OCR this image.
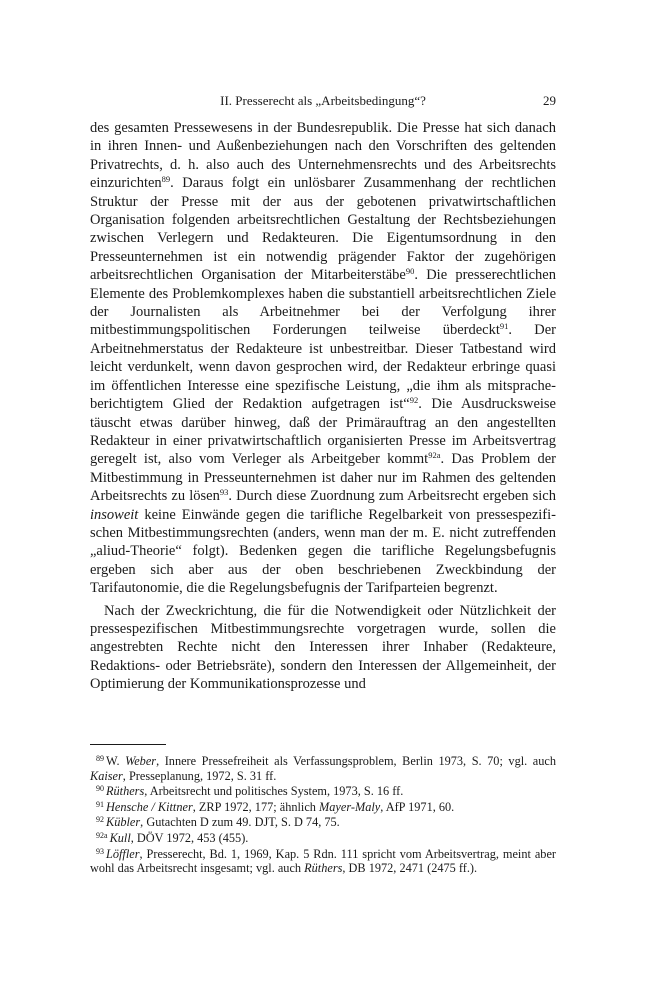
II. Presserecht als „Arbeitsbedingung“?	29

des gesamten Pressewesens in der Bundesrepublik. Die Presse hat sich danach in ihren Innen- und Außenbeziehungen nach den Vorschriften des geltenden Privatrechts, d. h. also auch des Unternehmensrechts und des Arbeitsrechts einzurichten$^{89}$. Daraus folgt ein unlösbarer Zusammenhang der rechtlichen Struktur der Presse mit der aus der gebotenen privatwirtschaftlichen Organisation folgenden arbeitsrechtlichen Gestaltung der Rechtsbeziehungen zwischen Verlegern und Redakteuren. Die Eigentumsordnung in den Presseunternehmen ist ein notwendig prägender Faktor der zugehörigen arbeitsrechtlichen Organisation der Mitarbeiterstäbe$^{90}$. Die presserechtlichen Elemente des Problemkomplexes haben die substantiell arbeitsrechtlichen Ziele der Journalisten als Arbeitnehmer bei der Verfolgung ihrer mitbestimmungspolitischen Forderungen teilweise überdeckt$^{91}$. Der Arbeitnehmerstatus der Redakteure ist unbestreitbar. Dieser Tatbestand wird leicht verdunkelt, wenn davon gesprochen wird, der Redakteur erbringe quasi im öffentlichen Interesse eine spezifische Leistung, „die ihm als mitspracheberichtigtem Glied der Redaktion aufgetragen ist“$^{92}$. Die Ausdrucksweise täuscht etwas darüber hinweg, daß der Primärauftrag an den angestellten Redakteur in einer privatwirtschaftlich organisierten Presse im Arbeitsvertrag geregelt ist, also vom Verleger als Arbeitgeber kommt$^{92a}$. Das Problem der Mitbestimmung in Presseunternehmen ist daher nur im Rahmen des geltenden Arbeitsrechts zu lösen$^{93}$. Durch diese Zuordnung zum Arbeitsrecht ergeben sich insoweit keine Einwände gegen die tarifliche Regelbarkeit von pressespezifischen Mitbestimmungsrechten (anders, wenn man der m. E. nicht zutreffenden „aliud-Theorie“ folgt). Bedenken gegen die tarifliche Regelungsbefugnis ergeben sich aber aus der oben beschriebenen Zweckbindung der Tarifautonomie, die die Regelungsbefugnis der Tarifparteien begrenzt.

Nach der Zweckrichtung, die für die Notwendigkeit oder Nützlichkeit der pressespezifischen Mitbestimmungsrechte vorgetragen wurde, sollen die angestrebten Rechte nicht den Interessen ihrer Inhaber (Redakteure, Redaktions- oder Betriebsräte), sondern den Interessen der Allgemeinheit, der Optimierung der Kommunikationsprozesse und

$^{89}$ W. Weber, Innere Pressefreiheit als Verfassungsproblem, Berlin 1973, S. 70; vgl. auch Kaiser, Presseplanung, 1972, S. 31 ff.
$^{90}$ Rüthers, Arbeitsrecht und politisches System, 1973, S. 16 ff.
$^{91}$ Hensche / Kittner, ZRP 1972, 177; ähnlich Mayer-Maly, AfP 1971, 60.
$^{92}$ Kübler, Gutachten D zum 49. DJT, S. D 74, 75.
$^{92a}$ Kull, DÖV 1972, 453 (455).
$^{93}$ Löffler, Presserecht, Bd. 1, 1969, Kap. 5 Rdn. 111 spricht vom Arbeitsvertrag, meint aber wohl das Arbeitsrecht insgesamt; vgl. auch Rüthers, DB 1972, 2471 (2475 ff.).
